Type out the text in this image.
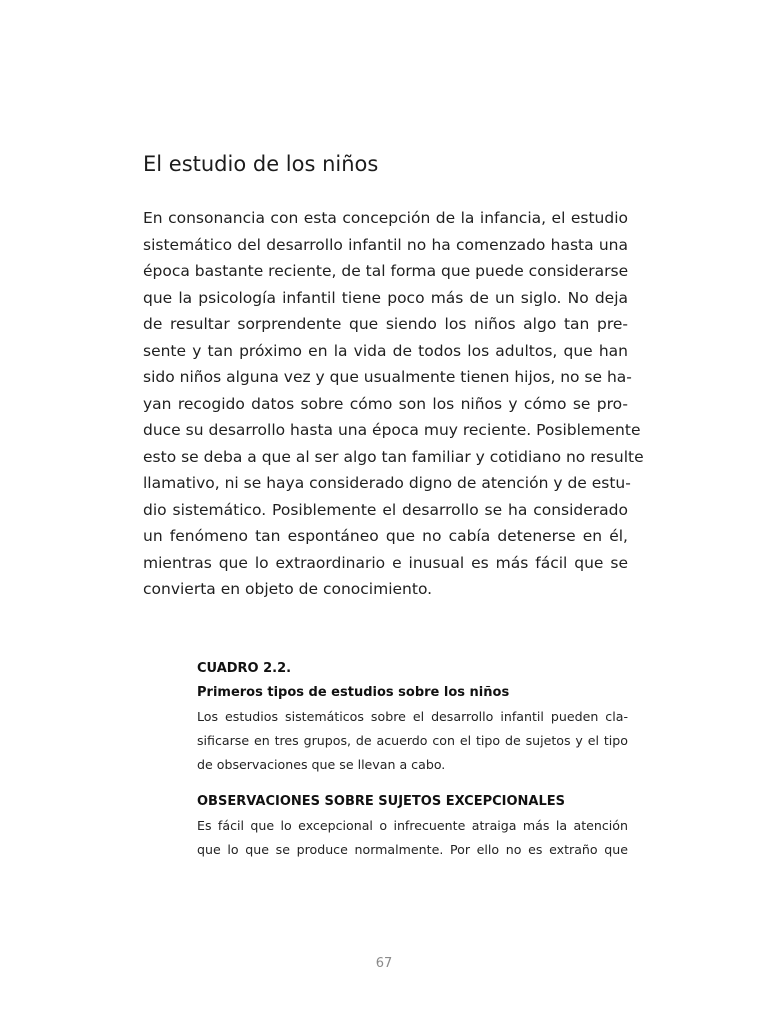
El estudio de los niños
En consonancia con esta concepción de la infancia, el estudio
sistemático del desarrollo infantil no ha comenzado hasta una
época bastante reciente, de tal forma que puede considerarse
que la psicología infantil tiene poco más de un siglo. No deja
de resultar sorprendente que siendo los niños algo tan pre-
sente y tan próximo en la vida de todos los adultos, que han
sido niños alguna vez y que usualmente tienen hijos, no se ha-
yan recogido datos sobre cómo son los niños y cómo se pro-
duce su desarrollo hasta una época muy reciente. Posiblemente
esto se deba a que al ser algo tan familiar y cotidiano no resulte
llamativo, ni se haya considerado digno de atención y de estu-
dio sistemático. Posiblemente el desarrollo se ha considerado
un fenómeno tan espontáneo que no cabía detenerse en él,
mientras que lo extraordinario e inusual es más fácil que se
convierta en objeto de conocimiento.
CUADRO 2.2.
Primeros tipos de estudios sobre los niños
Los estudios sistemáticos sobre el desarrollo infantil pueden cla-
sificarse en tres grupos, de acuerdo con el tipo de sujetos y el tipo
de observaciones que se llevan a cabo.
OBSERVACIONES SOBRE SUJETOS EXCEPCIONALES
Es fácil que lo excepcional o infrecuente atraiga más la atención
que lo que se produce normalmente. Por ello no es extraño que
67
